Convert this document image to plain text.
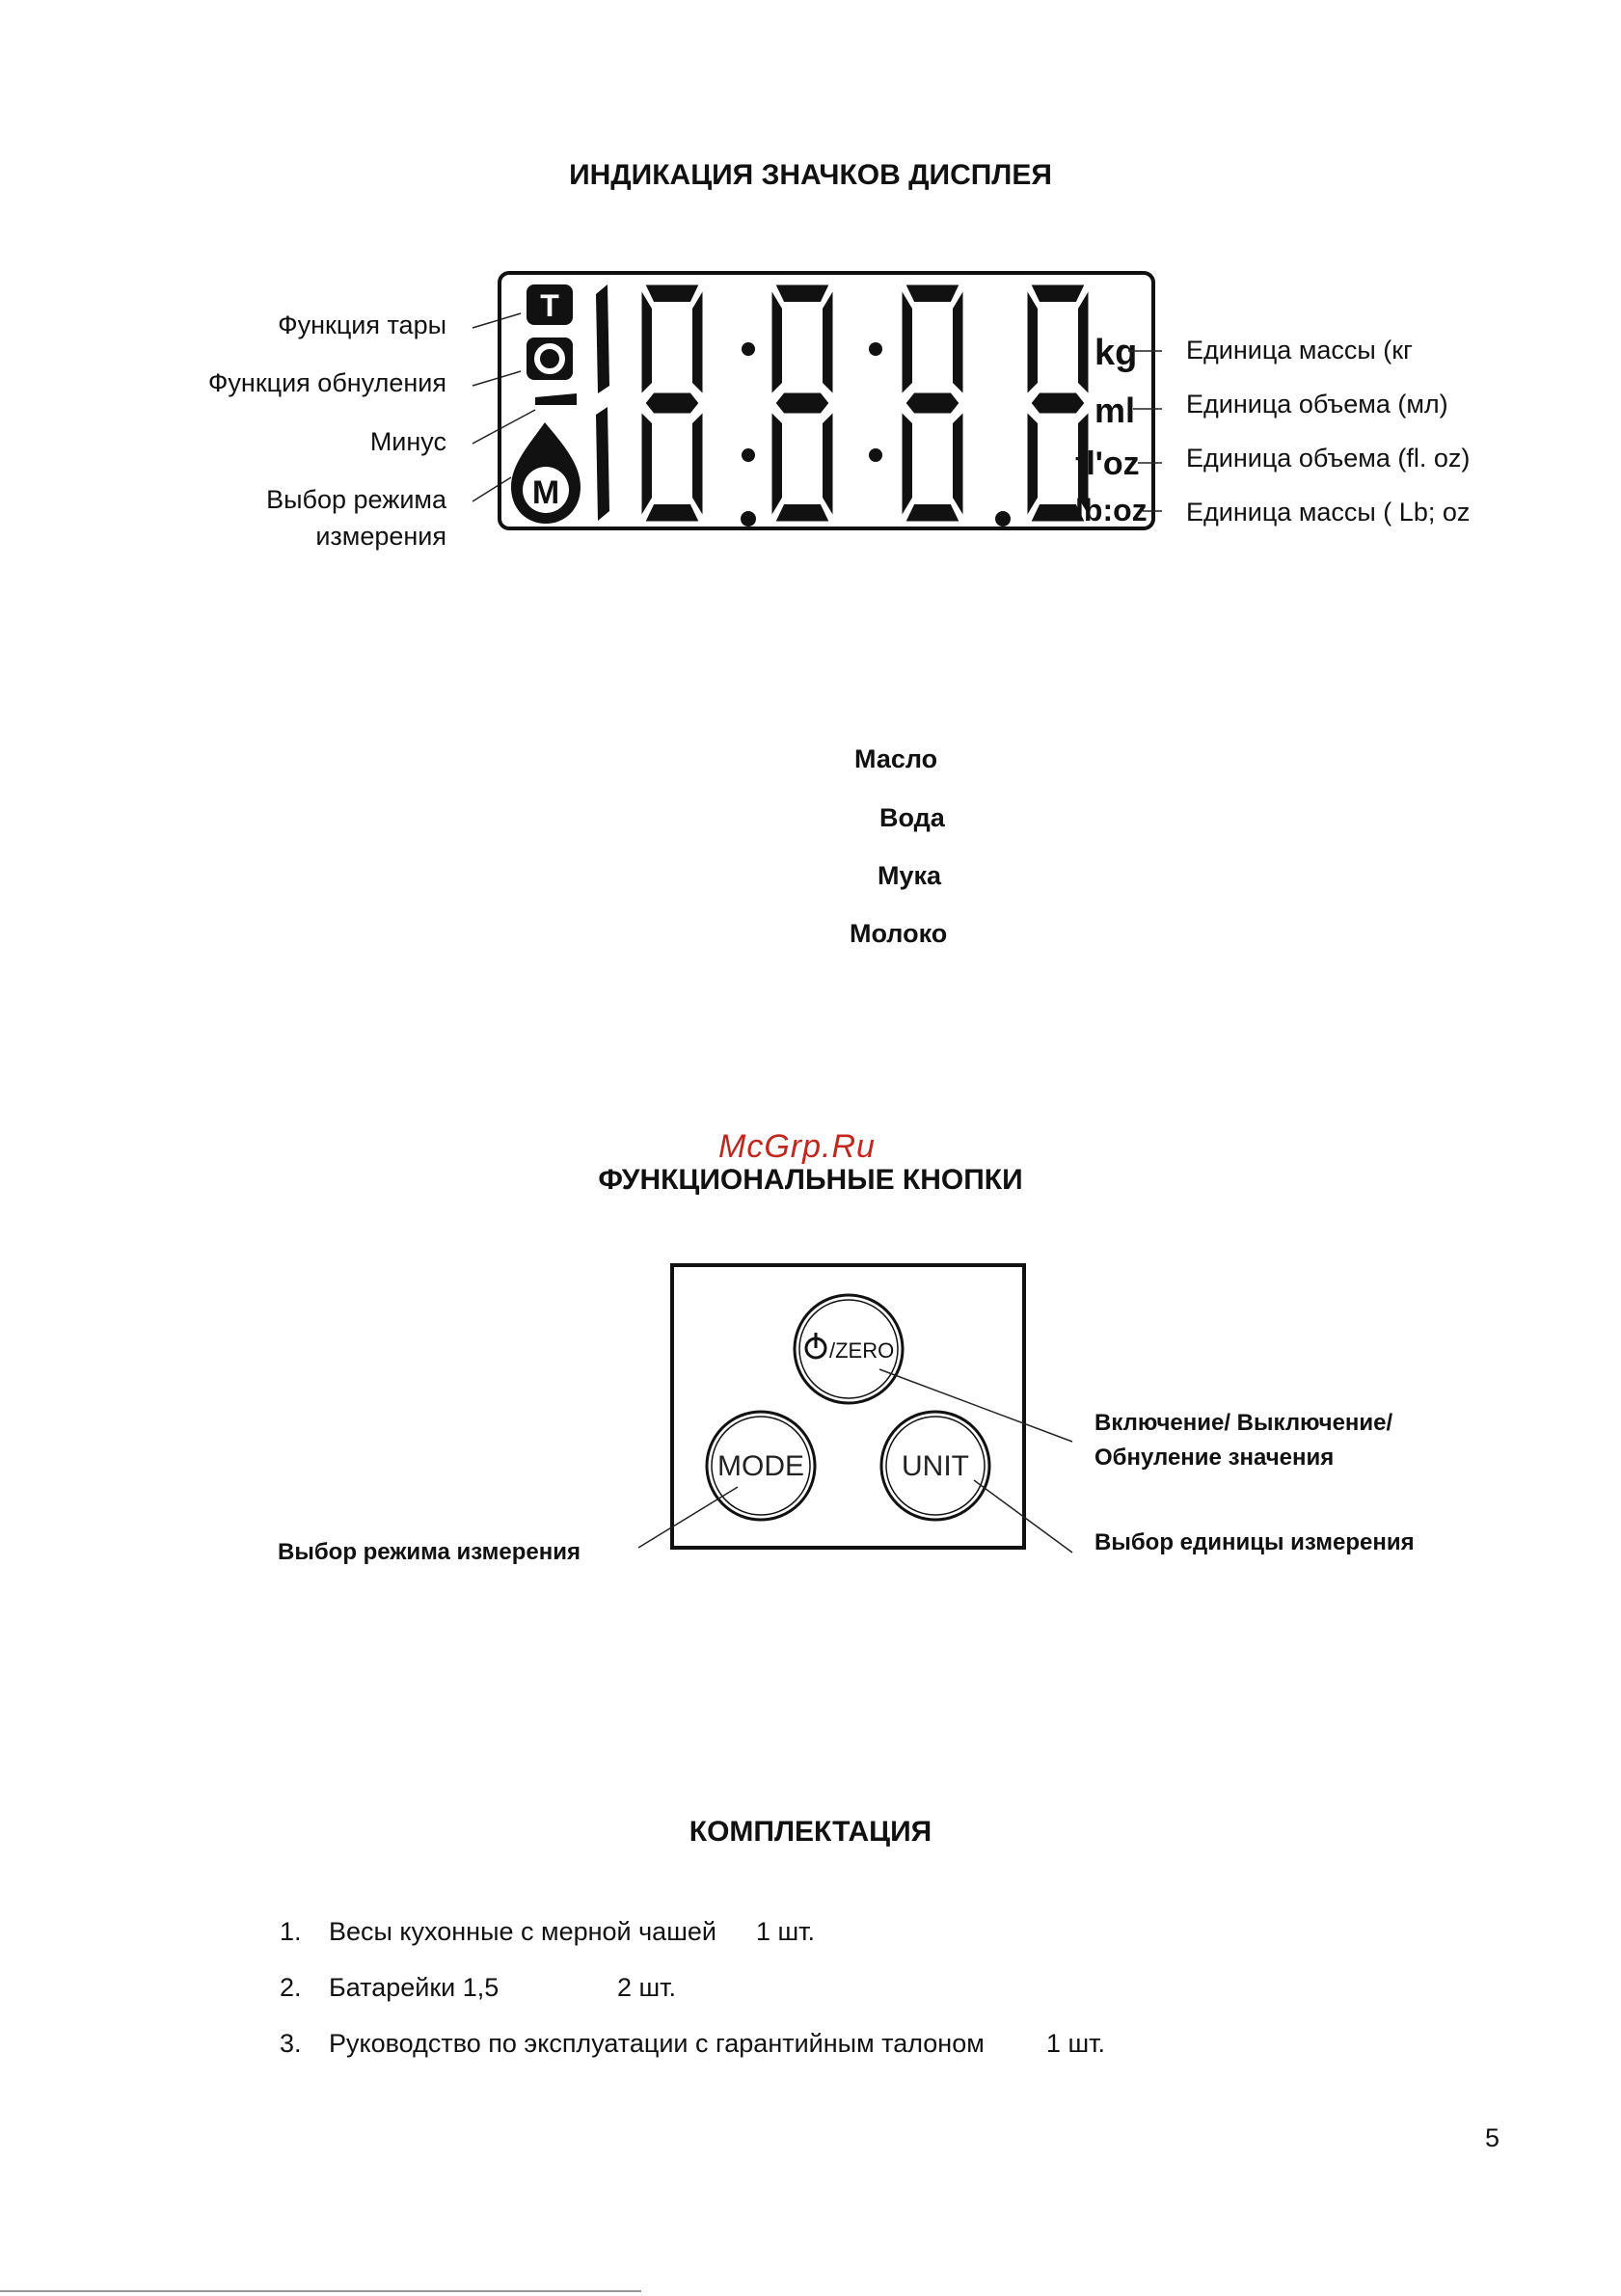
ИНДИКАЦИЯ ЗНАЧКОВ ДИСПЛЕЯ
Функция тары
Функция обнуления
Минус
Выбор режима
измерения
Единица массы (кг
Единица объема (мл)
Единица объема (fl. oz)
Единица массы ( Lb; oz
T
M
kg
ml
fl'oz
lb:oz
Масло
Вода
Мука
Молоко
McGrp.Ru
ФУНКЦИОНАЛЬНЫЕ КНОПКИ
/ZERO
MODE	UNIT
Включение/ Выключение/
Обнуление значения
Выбор режима измерения	Выбор единицы измерения
КОМПЛЕКТАЦИЯ
1. Весы кухонные с мерной чашей 1 шт.
2. Батарейки 1,5	2 шт.
3. Руководство по эксплуатации с гарантийным талоном 1 шт.
5
